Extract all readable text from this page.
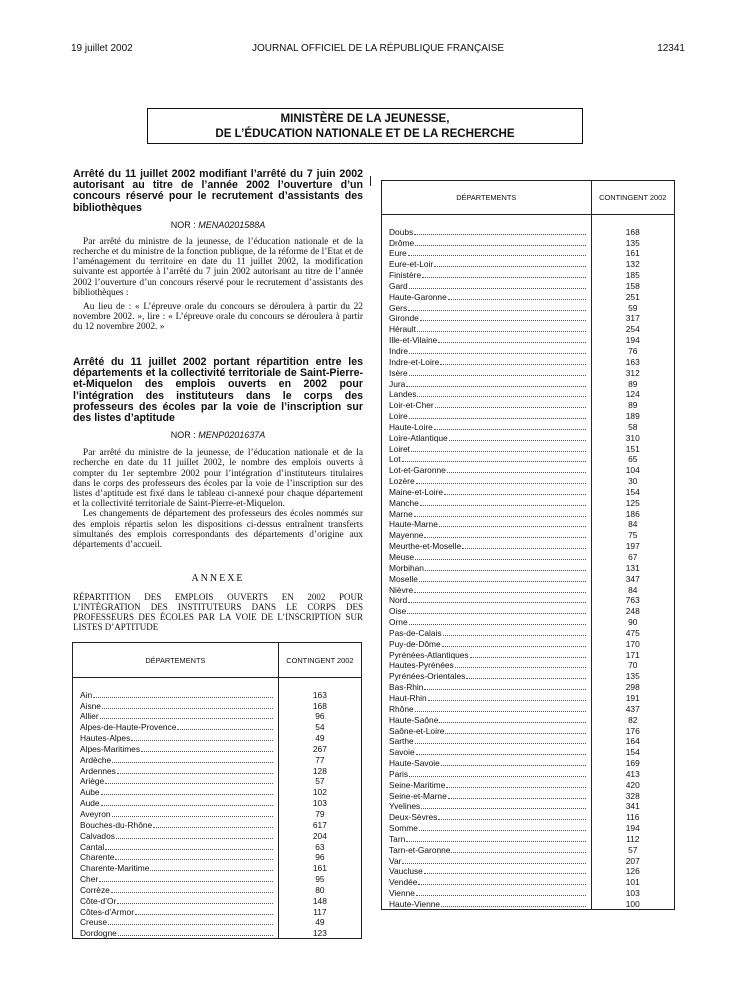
19 juillet 2002	JOURNAL OFFICIEL DE LA RÉPUBLIQUE FRANÇAISE	12341
MINISTÈRE DE LA JEUNESSE,
DE L’ÉDUCATION NATIONALE ET DE LA RECHERCHE
Arrêté du 11 juillet 2002 modifiant l’arrêté du 7 juin 2002 autorisant au titre de l’année 2002 l’ouverture d’un concours réservé pour le recrutement d’assistants des bibliothèques
NOR : MENA0201588A

Par arrêté du ministre de la jeunesse, de l’éducation nationale et de la recherche et du ministre de la fonction publique, de la réforme de l’Etat et de l’aménagement du territoire en date du 11 juillet 2002, la modification suivante est apportée à l’arrêté du 7 juin 2002 autorisant au titre de l’année 2002 l’ouverture d’un concours réservé pour le recrutement d’assistants des bibliothèques :

Au lieu de : « L’épreuve orale du concours se déroulera à partir du 22 novembre 2002. », lire : « L’épreuve orale du concours se déroulera à partir du 12 novembre 2002. »

Arrêté du 11 juillet 2002 portant répartition entre les départements et la collectivité territoriale de Saint-Pierre-et-Miquelon des emplois ouverts en 2002 pour l’intégration des instituteurs dans le corps des professeurs des écoles par la voie de l’inscription sur des listes d’aptitude
NOR : MENP0201637A

Par arrêté du ministre de la jeunesse, de l’éducation nationale et de la recherche en date du 11 juillet 2002, le nombre des emplois ouverts à compter du 1er septembre 2002 pour l’intégration d’instituteurs titulaires dans le corps des professeurs des écoles par la voie de l’inscription sur des listes d’aptitude est fixé dans le tableau ci-annexé pour chaque département et la collectivité territoriale de Saint-Pierre-et-Miquelon.

Les changements de département des professeurs des écoles nommés sur des emplois répartis selon les dispositions ci-dessus entraînent transferts simultanés des emplois correspondants des départements d’origine aux départements d’accueil.

ANNEXE
RÉPARTITION DES EMPLOIS OUVERTS EN 2002 POUR L’INTÉGRATION DES INSTITUTEURS DANS LE CORPS DES PROFESSEURS DES ÉCOLES PAR LA VOIE DE L’INSCRIPTION SUR LISTES D’APTITUDE
DÉPARTEMENTS	CONTINGENT 2002

Ain	163

Aisne	168

Allier	96

Alpes-de-Haute-Provence	54

Hautes-Alpes	49

Alpes-Maritimes	267

Ardèche	77

Ardennes	128

Ariège	57

Aube	102

Aude	103

Aveyron	79

Bouches-du-Rhône	617

Calvados	204

Cantal	63

Charente	96

Charente-Maritime	161

Cher	95

Corrèze	80

Côte-d’Or	148

Côtes-d’Armor	117

Creuse	49

Dordogne	123
DÉPARTEMENTS	CONTINGENT 2002

Doubs	168

Drôme	135

Eure	161

Eure-et-Loir	132

Finistère	185

Gard	158

Haute-Garonne	251

Gers	59

Gironde	317

Hérault	254

Ille-et-Vilaine	194

Indre	76

Indre-et-Loire	163

Isère	312

Jura	89

Landes	124

Loir-et-Cher	89

Loire	189

Haute-Loire	58

Loire-Atlantique	310

Loiret	151

Lot	65

Lot-et-Garonne	104

Lozère	30

Maine-et-Loire	154

Manche	125

Marne	186

Haute-Marne	84

Mayenne	75

Meurthe-et-Moselle	197

Meuse	67

Morbihan	131

Moselle	347

Nièvre	84

Nord	763

Oise	248

Orne	90

Pas-de-Calais	475

Puy-de-Dôme	170

Pyrénées-Atlantiques	171

Hautes-Pyrénées	70

Pyrénées-Orientales	135

Bas-Rhin	298

Haut-Rhin	191

Rhône	437

Haute-Saône	82

Saône-et-Loire	176

Sarthe	164

Savoie	154

Haute-Savoie	169

Paris	413

Seine-Maritime	420

Seine-et-Marne	328

Yvelines	341

Deux-Sèvres	116

Somme	194

Tarn	112

Tarn-et-Garonne	57

Var	207

Vaucluse	126

Vendée	101

Vienne	103

Haute-Vienne	100
